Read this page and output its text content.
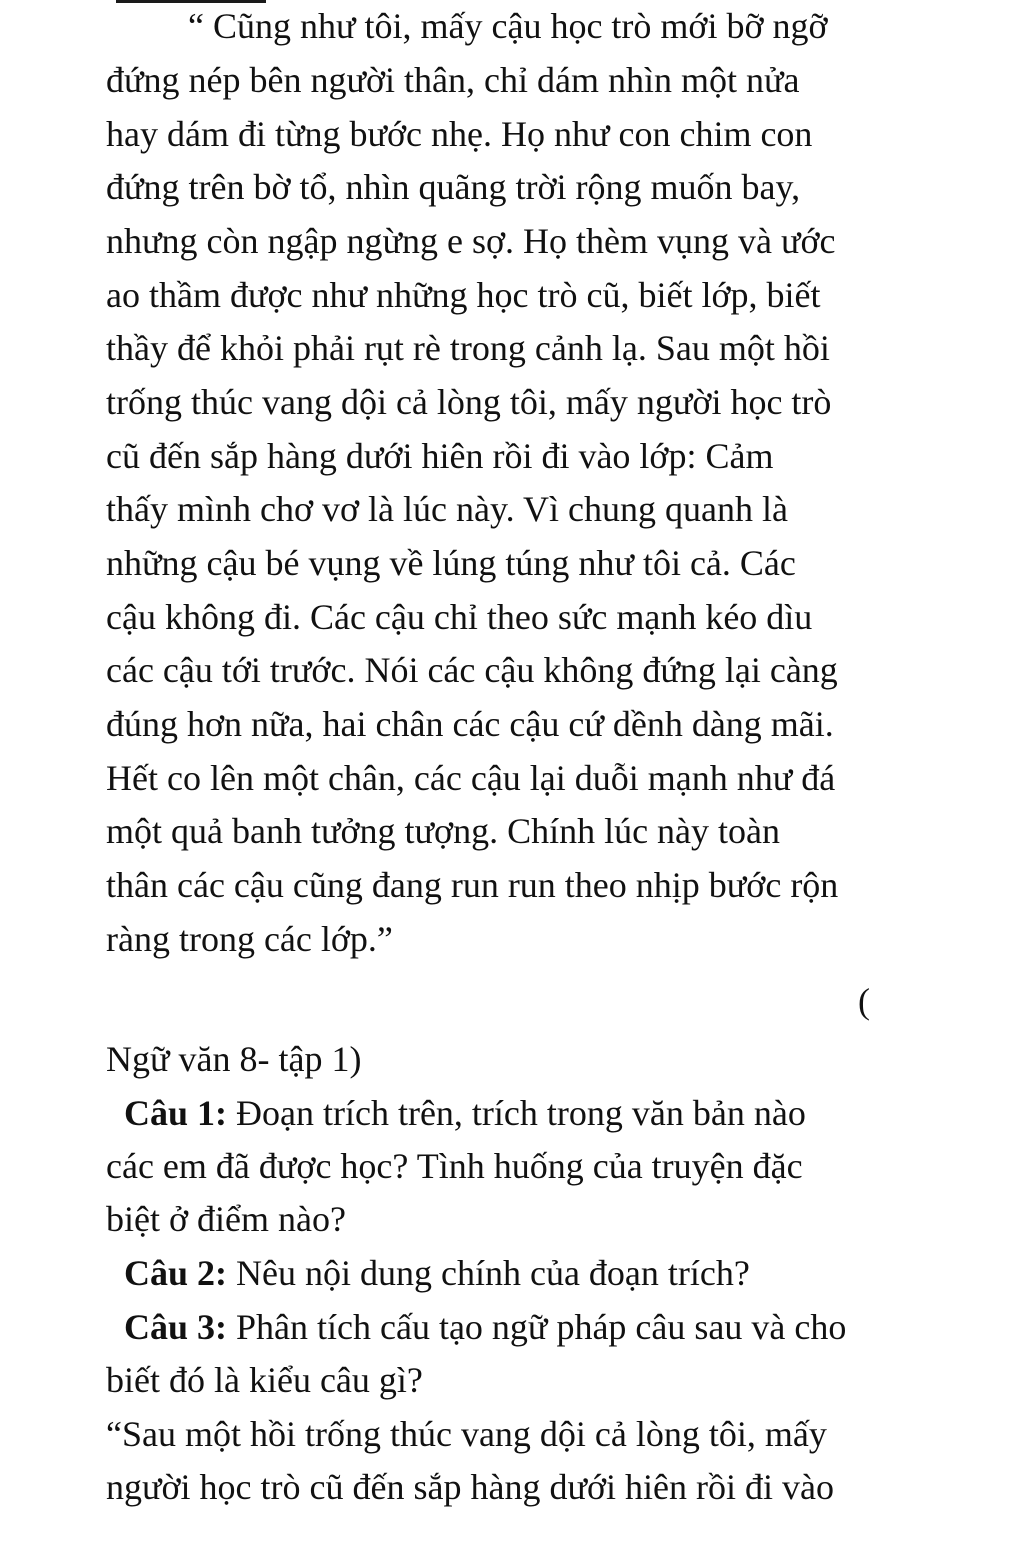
“ Cũng như tôi, mấy cậu học trò mới bỡ ngỡ
đứng nép bên người thân, chỉ dám nhìn một nửa
hay dám đi từng bước nhẹ. Họ như con chim con
đứng trên bờ tổ, nhìn quãng trời rộng muốn bay,
nhưng còn ngập ngừng e sợ. Họ thèm vụng và ước
ao thầm được như những học trò cũ, biết lớp, biết
thầy để khỏi phải rụt rè trong cảnh lạ. Sau một hồi
trống thúc vang dội cả lòng tôi, mấy người học trò
cũ đến sắp hàng dưới hiên rồi đi vào lớp: Cảm
thấy mình chơ vơ là lúc này. Vì chung quanh là
những cậu bé vụng về lúng túng như tôi cả. Các
cậu không đi. Các cậu chỉ theo sức mạnh kéo dìu
các cậu tới trước. Nói các cậu không đứng lại càng
đúng hơn nữa, hai chân các cậu cứ dềnh dàng mãi.
Hết co lên một chân, các cậu lại duỗi mạnh như đá
một quả banh tưởng tượng. Chính lúc này toàn
thân các cậu cũng đang run run theo nhịp bước rộn
ràng trong các lớp.”
(
Ngữ văn 8- tập 1)
Câu 1: Đoạn trích trên, trích trong văn bản nào
các em đã được học? Tình huống của truyện đặc
biệt ở điểm nào?
Câu 2: Nêu nội dung chính của đoạn trích?
Câu 3: Phân tích cấu tạo ngữ pháp câu sau và cho
biết đó là kiểu câu gì?
“Sau một hồi trống thúc vang dội cả lòng tôi, mấy
người học trò cũ đến sắp hàng dưới hiên rồi đi vào
